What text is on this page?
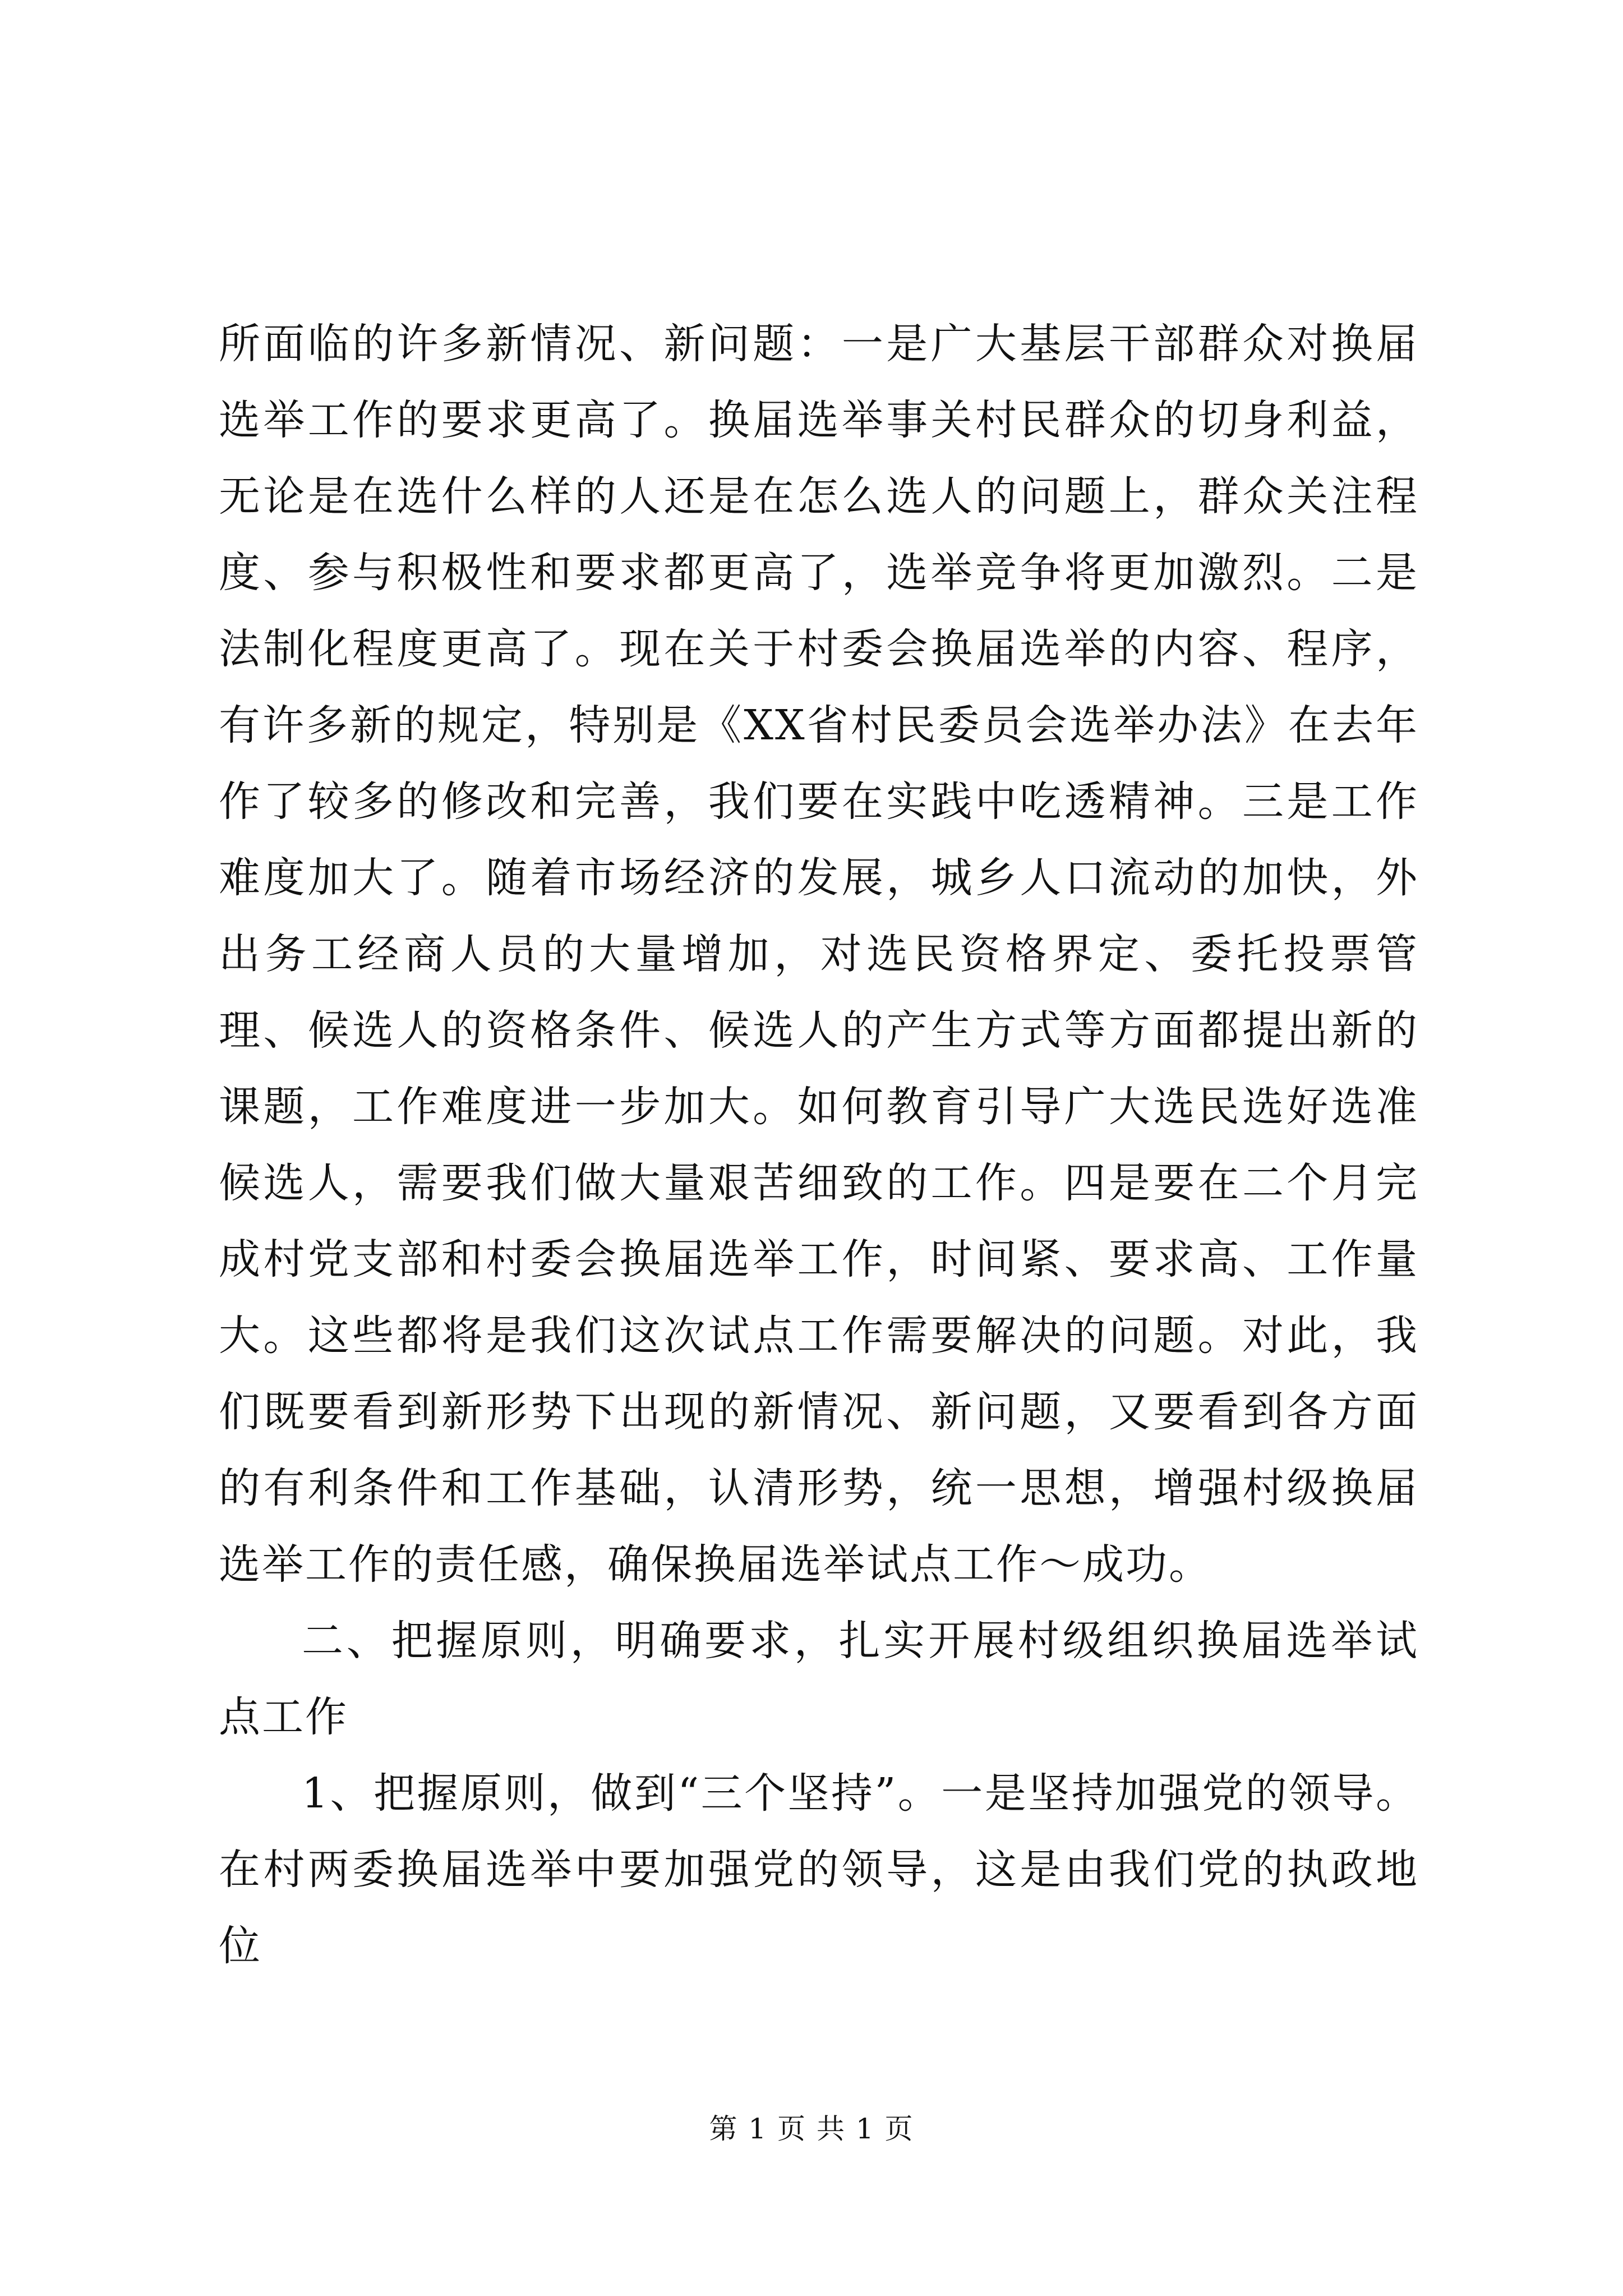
所面临的许多新情况、新问题：一是广大基层干部群众对换届选举工作的要求更高了。换届选举事关村民群众的切身利益，无论是在选什么样的人还是在怎么选人的问题上，群众关注程度、参与积极性和要求都更高了，选举竞争将更加激烈。二是法制化程度更高了。现在关于村委会换届选举的内容、程序，有许多新的规定，特别是《XX省村民委员会选举办法》在去年作了较多的修改和完善，我们要在实践中吃透精神。三是工作难度加大了。随着市场经济的发展，城乡人口流动的加快，外出务工经商人员的大量增加，对选民资格界定、委托投票管理、候选人的资格条件、候选人的产生方式等方面都提出新的课题，工作难度进一步加大。如何教育引导广大选民选好选准候选人，需要我们做大量艰苦细致的工作。四是要在二个月完成村党支部和村委会换届选举工作，时间紧、要求高、工作量大。这些都将是我们这次试点工作需要解决的问题。对此，我们既要看到新形势下出现的新情况、新问题，又要看到各方面的有利条件和工作基础，认清形势，统一思想，增强村级换届选举工作的责任感，确保换届选举试点工作～成功。

二、把握原则，明确要求，扎实开展村级组织换届选举试点工作

1、把握原则，做到“三个坚持”。一是坚持加强党的领导。在村两委换届选举中要加强党的领导，这是由我们党的执政地位

第 1 页 共 1 页
